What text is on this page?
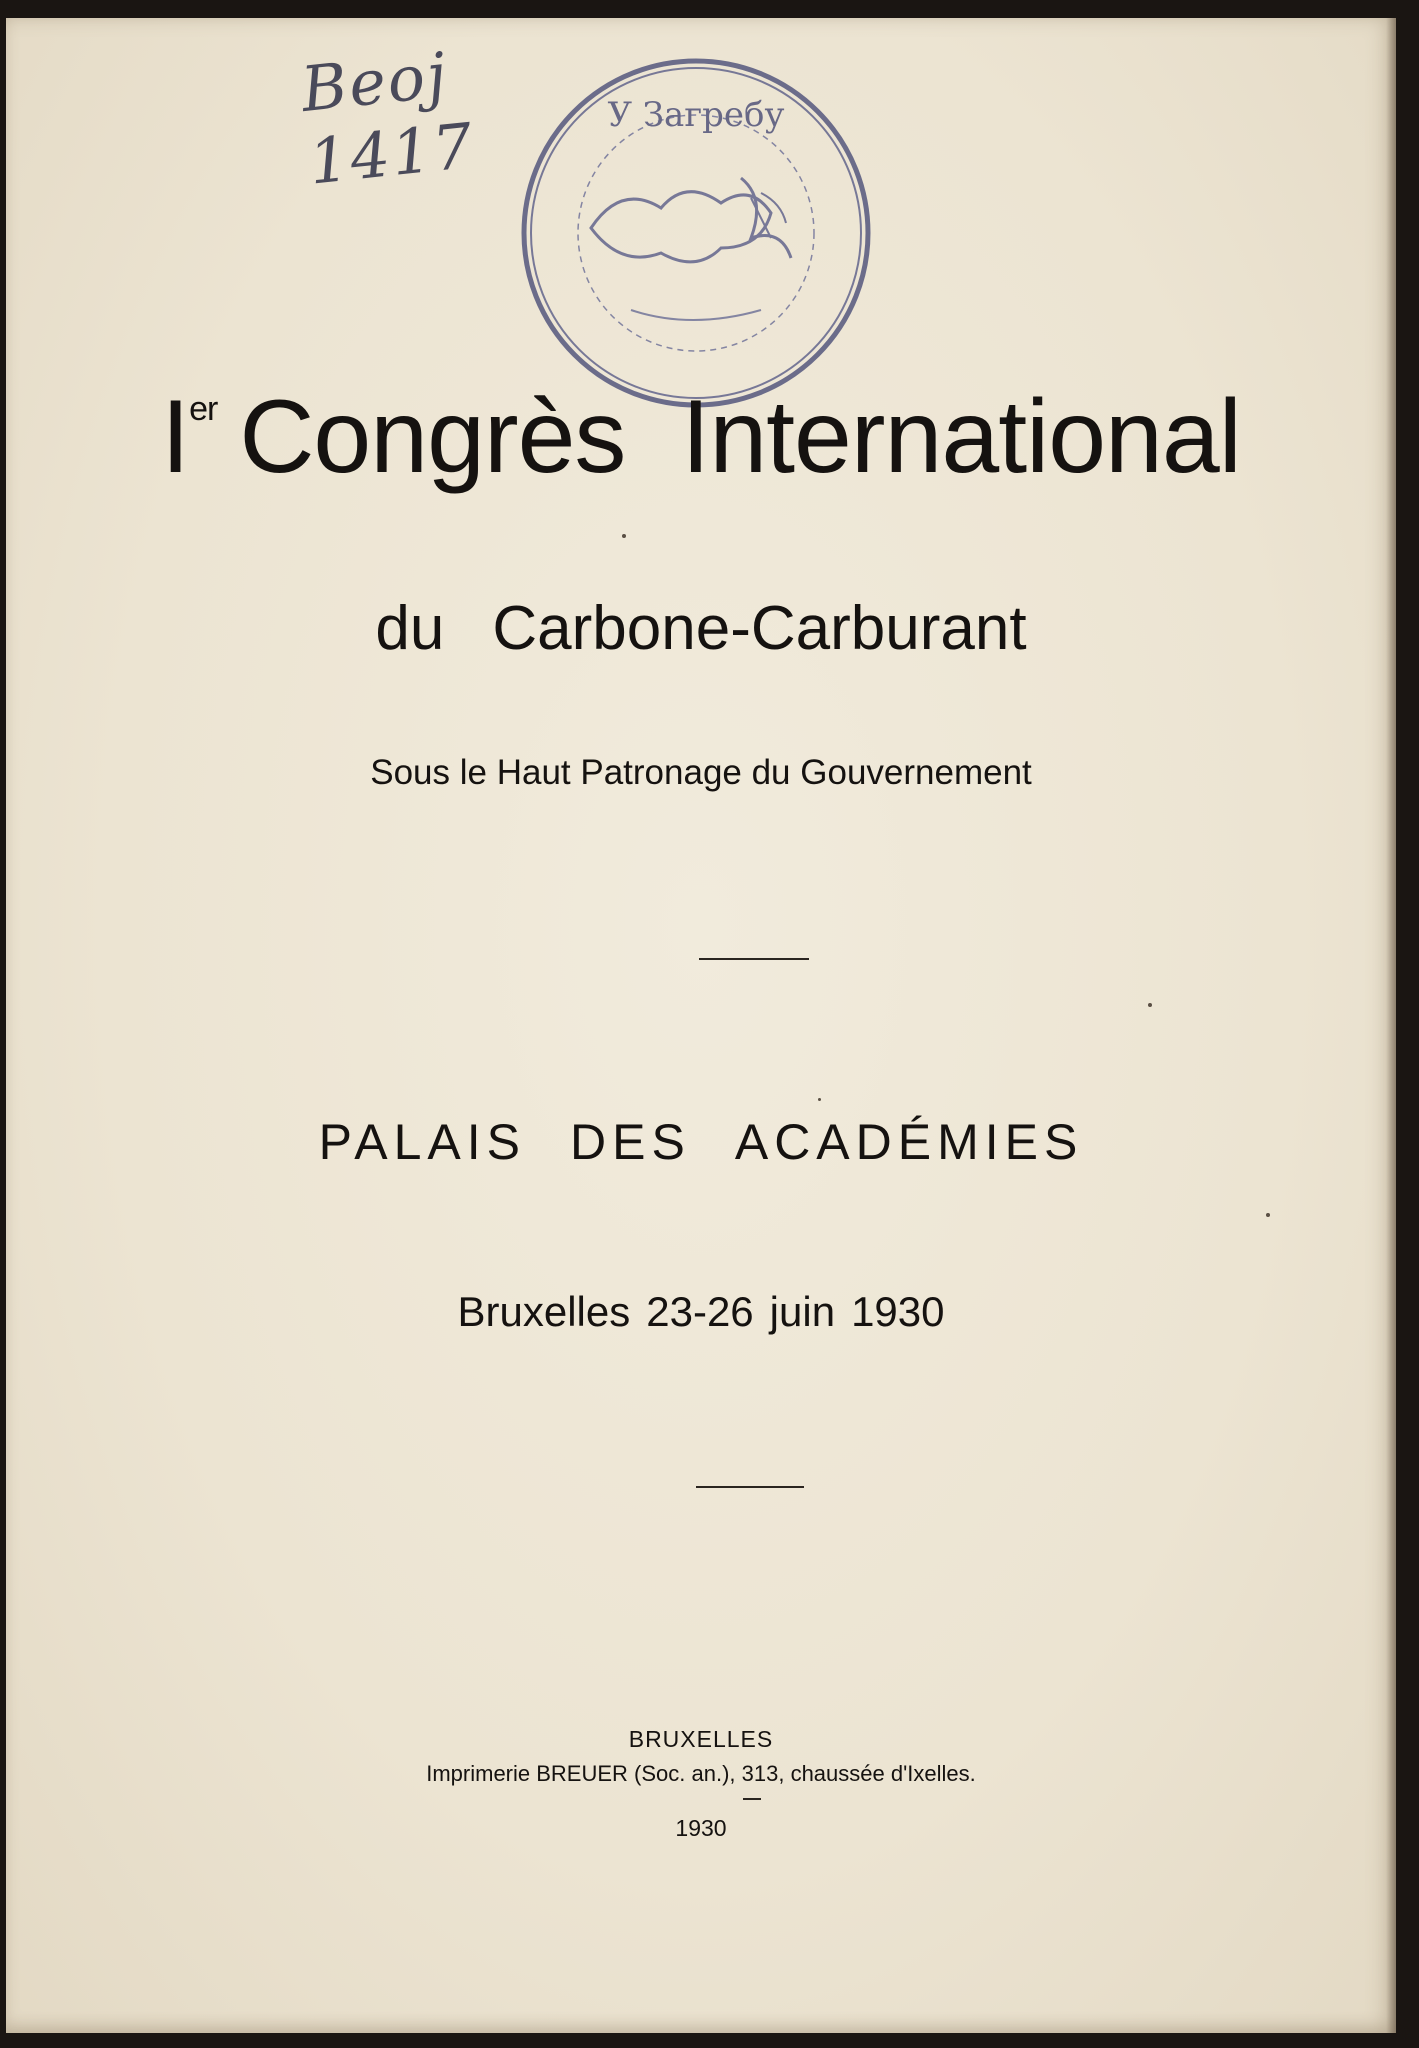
Beoj 1417	У Загребу
Ier Congrès International
du Carbone-Carburant
Sous le Haut Patronage du Gouvernement
PALAIS DES ACADÉMIES
Bruxelles 23-26 juin 1930
BRUXELLES
Imprimerie BREUER (Soc. an.), 313, chaussée d'Ixelles.
1930
